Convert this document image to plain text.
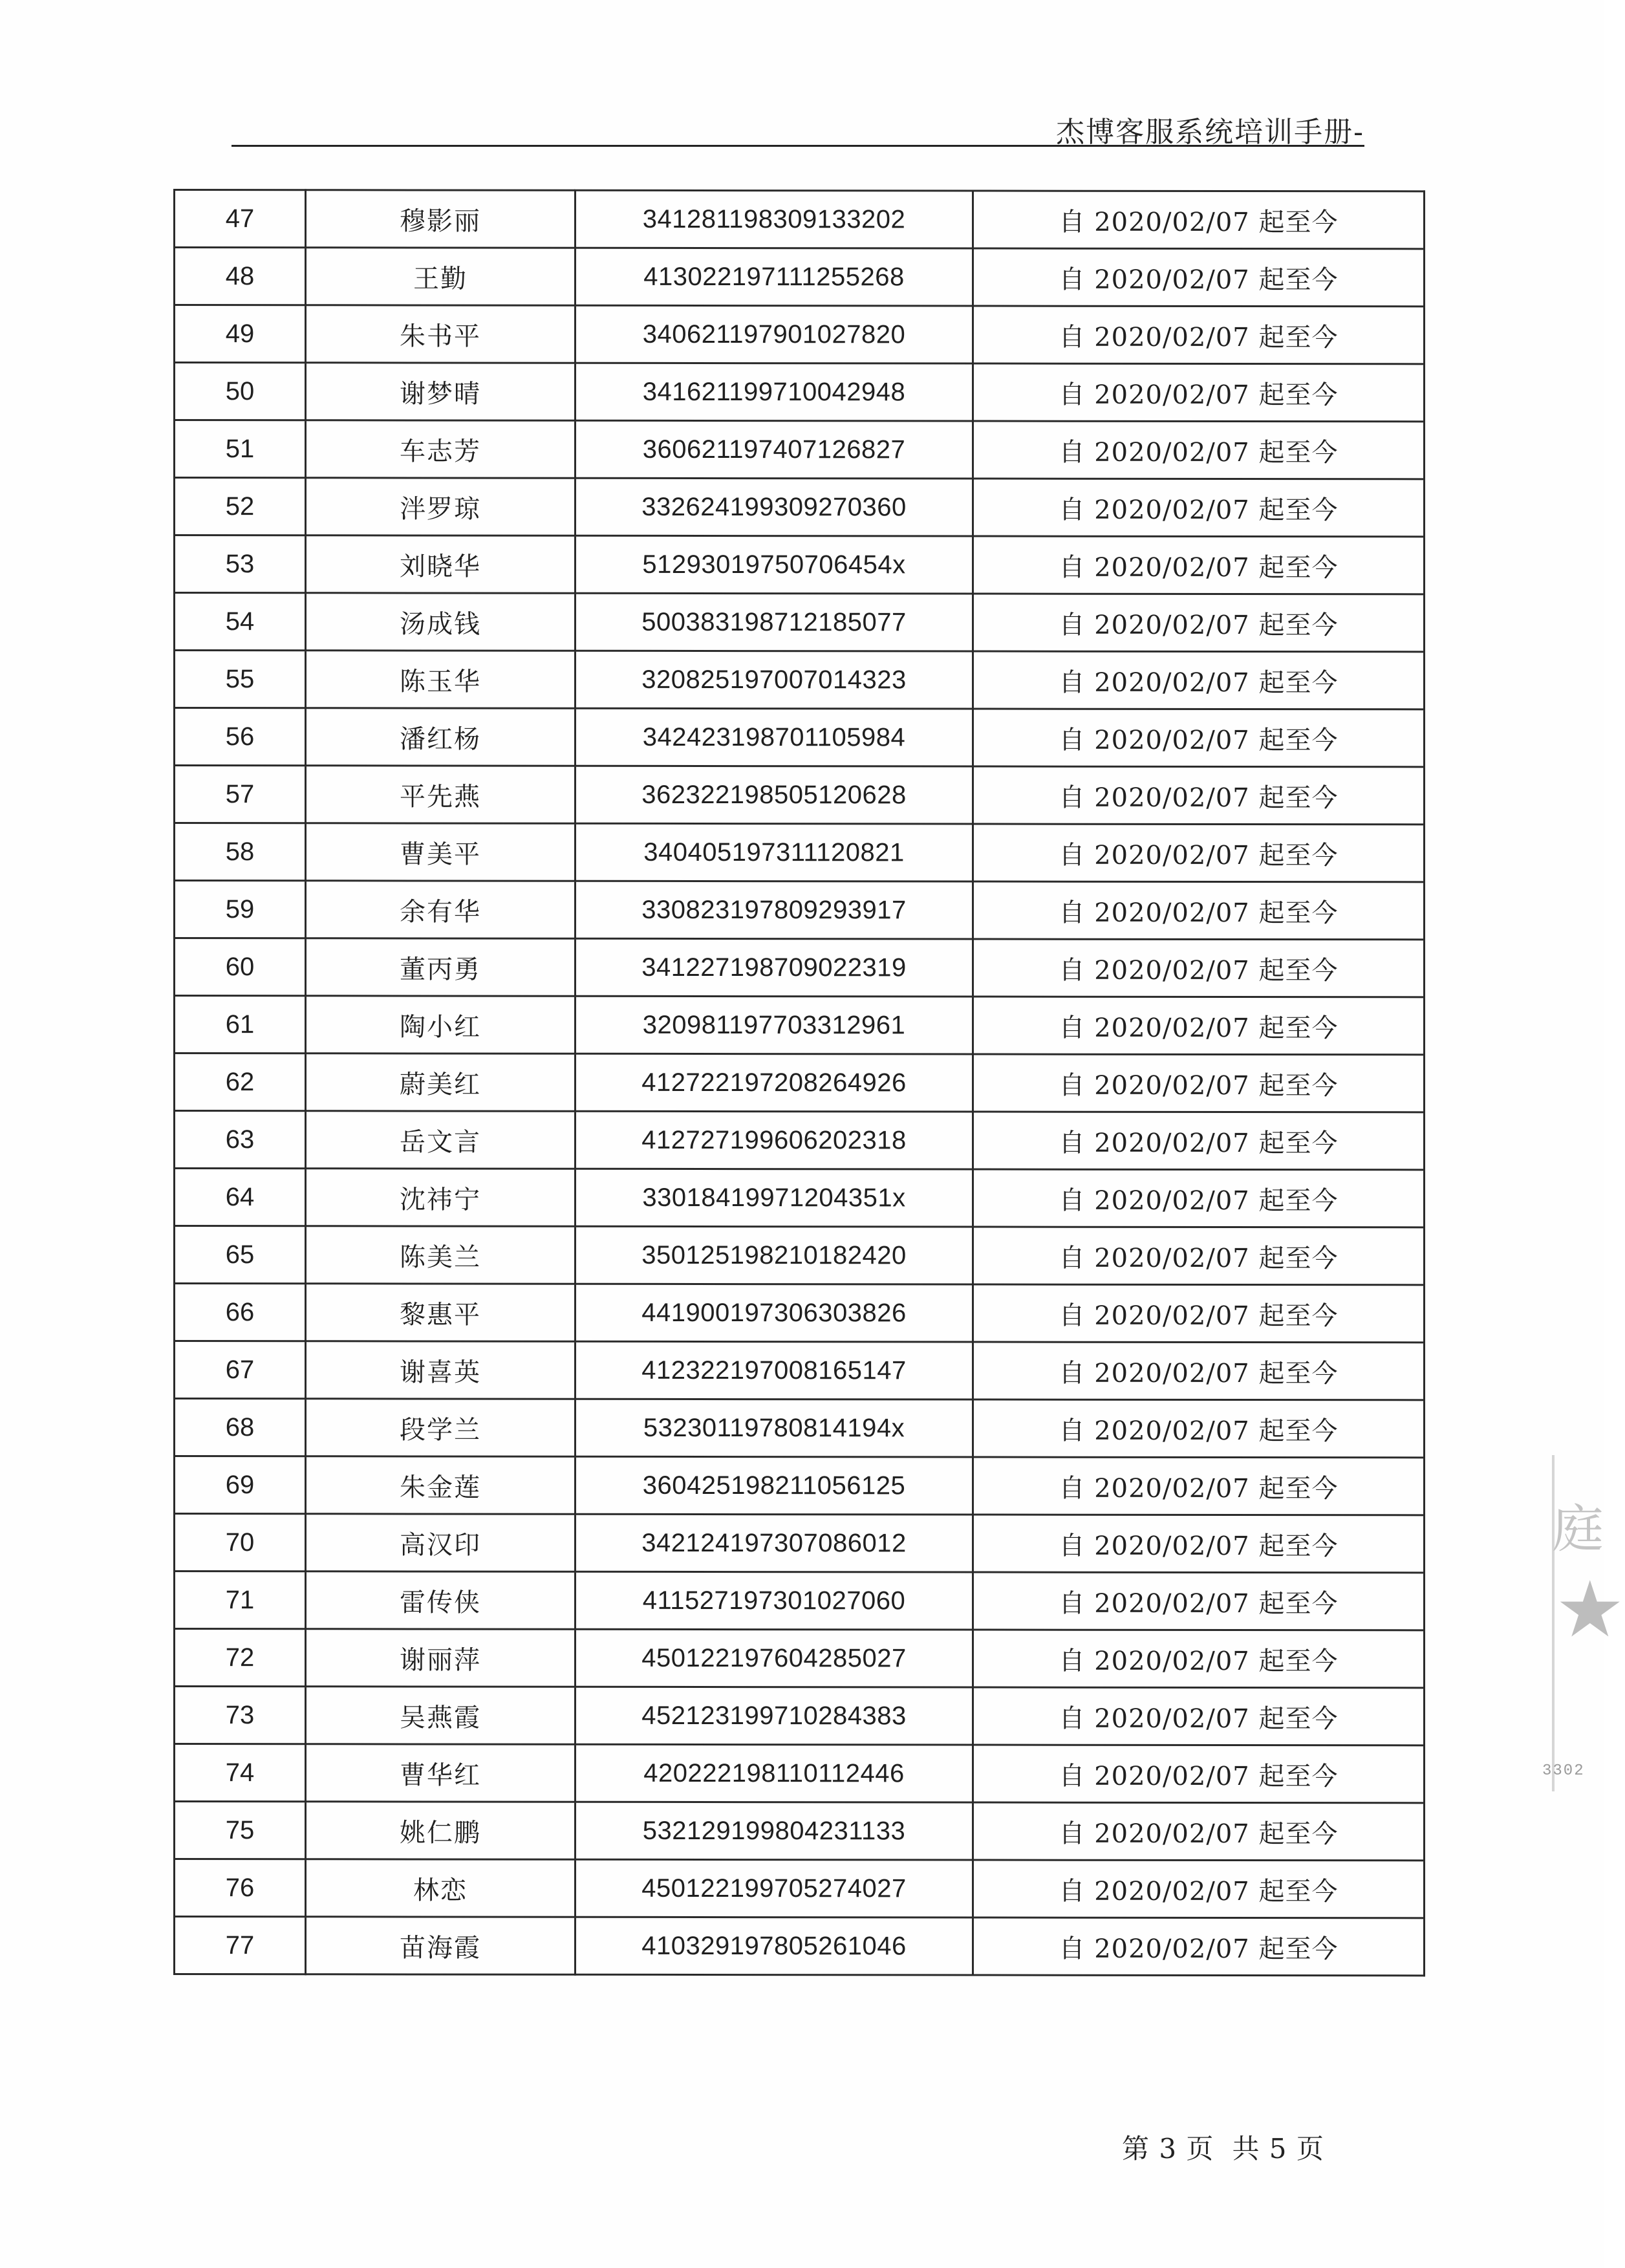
杰博客服系统培训手册-
47	穆影丽	341281198309133202	自 2020/02/07 起至今
48	王勤	413022197111255268	自 2020/02/07 起至今
49	朱书平	340621197901027820	自 2020/02/07 起至今
50	谢梦晴	341621199710042948	自 2020/02/07 起至今
51	车志芳	360621197407126827	自 2020/02/07 起至今
52	泮罗琼	332624199309270360	自 2020/02/07 起至今
53	刘晓华	51293019750706454x	自 2020/02/07 起至今
54	汤成钱	500383198712185077	自 2020/02/07 起至今
55	陈玉华	320825197007014323	自 2020/02/07 起至今
56	潘红杨	342423198701105984	自 2020/02/07 起至今
57	平先燕	362322198505120628	自 2020/02/07 起至今
58	曹美平	340405197311120821	自 2020/02/07 起至今
59	余有华	330823197809293917	自 2020/02/07 起至今
60	董丙勇	341227198709022319	自 2020/02/07 起至今
61	陶小红	320981197703312961	自 2020/02/07 起至今
62	蔚美红	412722197208264926	自 2020/02/07 起至今
63	岳文言	412727199606202318	自 2020/02/07 起至今
64	沈祎宁	33018419971204351x	自 2020/02/07 起至今
65	陈美兰	350125198210182420	自 2020/02/07 起至今
66	黎惠平	441900197306303826	自 2020/02/07 起至今
67	谢喜英	412322197008165147	自 2020/02/07 起至今
68	段学兰	53230119780814194x	自 2020/02/07 起至今
69	朱金莲	360425198211056125	自 2020/02/07 起至今
70	高汉印	342124197307086012	自 2020/02/07 起至今
71	雷传侠	411527197301027060	自 2020/02/07 起至今
72	谢丽萍	450122197604285027	自 2020/02/07 起至今
73	吴燕霞	452123199710284383	自 2020/02/07 起至今
74	曹华红	420222198110112446	自 2020/02/07 起至今
75	姚仁鹏	532129199804231133	自 2020/02/07 起至今
76	林恋	450122199705274027	自 2020/02/07 起至今
77	苗海霞	410329197805261046	自 2020/02/07 起至今
第 3 页 共 5 页
庭
★
3302
